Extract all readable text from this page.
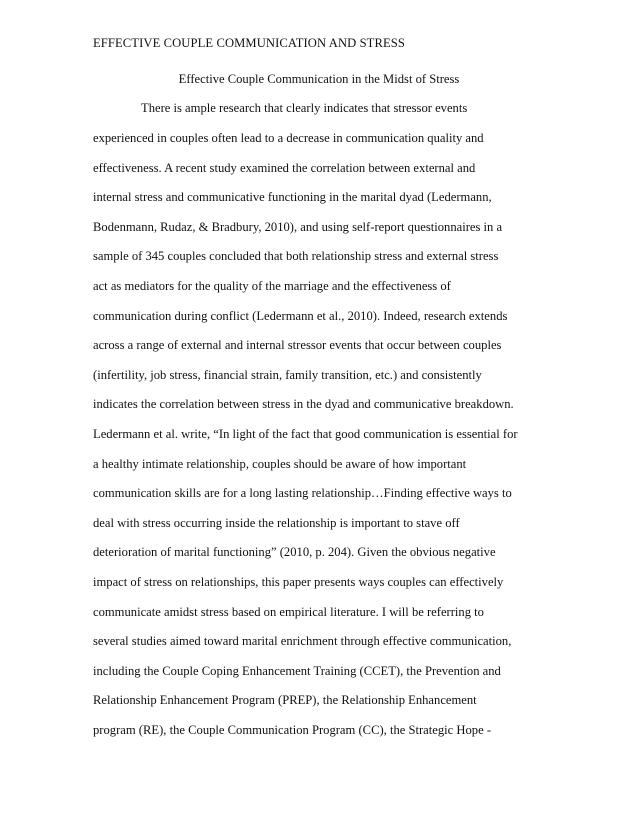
EFFECTIVE COUPLE COMMUNICATION AND STRESS
Effective Couple Communication in the Midst of Stress
There is ample research that clearly indicates that stressor events
experienced in couples often lead to a decrease in communication quality and
effectiveness. A recent study examined the correlation between external and
internal stress and communicative functioning in the marital dyad (Ledermann,
Bodenmann, Rudaz, & Bradbury, 2010), and using self-report questionnaires in a
sample of 345 couples concluded that both relationship stress and external stress
act as mediators for the quality of the marriage and the effectiveness of
communication during conflict (Ledermann et al., 2010). Indeed, research extends
across a range of external and internal stressor events that occur between couples
(infertility, job stress, financial strain, family transition, etc.) and consistently
indicates the correlation between stress in the dyad and communicative breakdown.
Ledermann et al. write, “In light of the fact that good communication is essential for
a healthy intimate relationship, couples should be aware of how important
communication skills are for a long lasting relationship…Finding effective ways to
deal with stress occurring inside the relationship is important to stave off
deterioration of marital functioning” (2010, p. 204). Given the obvious negative
impact of stress on relationships, this paper presents ways couples can effectively
communicate amidst stress based on empirical literature. I will be referring to
several studies aimed toward marital enrichment through effective communication,
including the Couple Coping Enhancement Training (CCET), the Prevention and
Relationship Enhancement Program (PREP), the Relationship Enhancement
program (RE), the Couple Communication Program (CC), the Strategic Hope -
